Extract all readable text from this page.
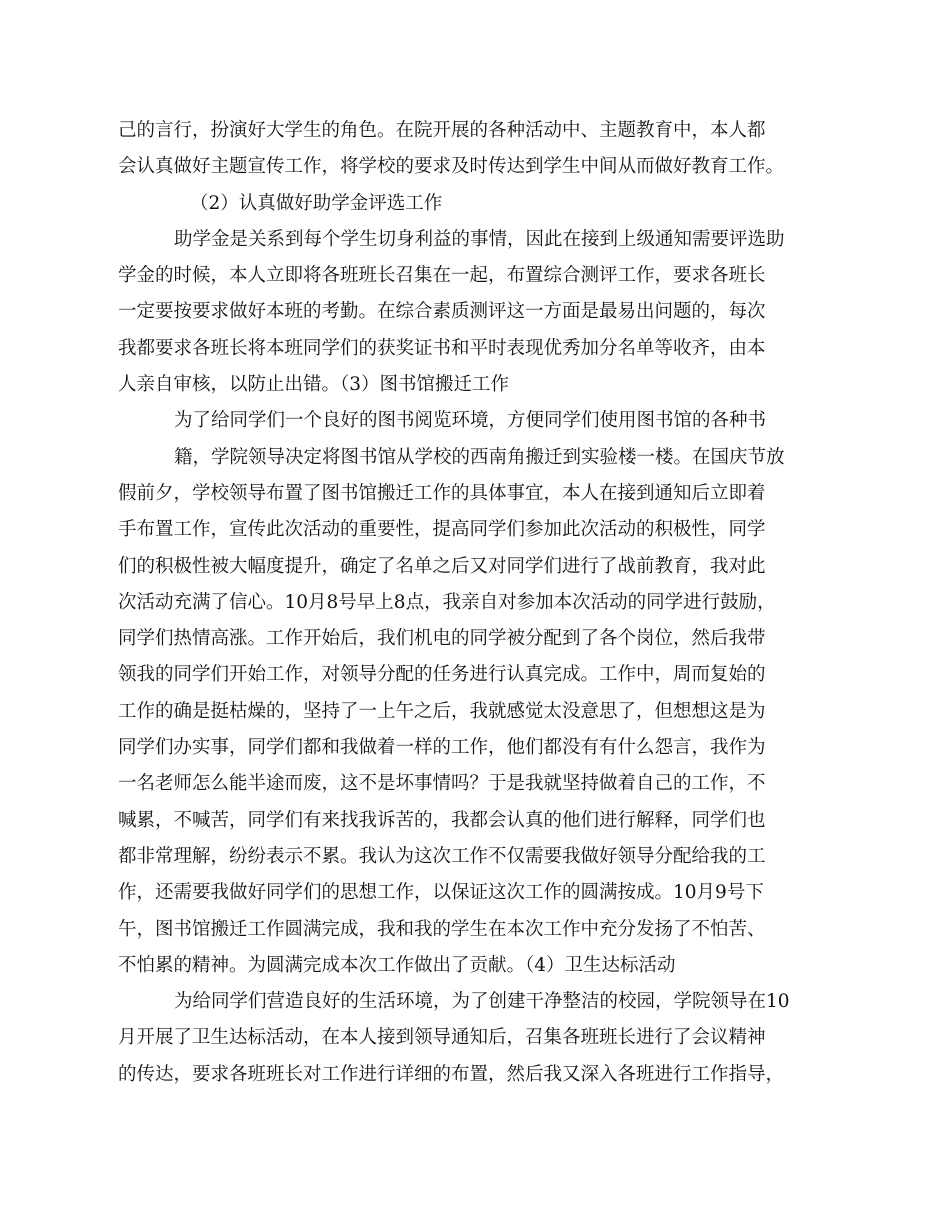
己的言行，扮演好大学生的角色。在院开展的各种活动中、主题教育中，本人都
会认真做好主题宣传工作，将学校的要求及时传达到学生中间从而做好教育工作。
（2）认真做好助学金评选工作
助学金是关系到每个学生切身利益的事情，因此在接到上级通知需要评选助
学金的时候，本人立即将各班班长召集在一起，布置综合测评工作，要求各班长
一定要按要求做好本班的考勤。在综合素质测评这一方面是最易出问题的，每次
我都要求各班长将本班同学们的获奖证书和平时表现优秀加分名单等收齐，由本
人亲自审核，以防止出错。（3）图书馆搬迁工作
为了给同学们一个良好的图书阅览环境，方便同学们使用图书馆的各种书
籍，学院领导决定将图书馆从学校的西南角搬迁到实验楼一楼。在国庆节放
假前夕，学校领导布置了图书馆搬迁工作的具体事宜，本人在接到通知后立即着
手布置工作，宣传此次活动的重要性，提高同学们参加此次活动的积极性，同学
们的积极性被大幅度提升，确定了名单之后又对同学们进行了战前教育，我对此
次活动充满了信心。10月8号早上8点，我亲自对参加本次活动的同学进行鼓励，
同学们热情高涨。工作开始后，我们机电的同学被分配到了各个岗位，然后我带
领我的同学们开始工作，对领导分配的任务进行认真完成。工作中，周而复始的
工作的确是挺枯燥的，坚持了一上午之后，我就感觉太没意思了，但想想这是为
同学们办实事，同学们都和我做着一样的工作，他们都没有有什么怨言，我作为
一名老师怎么能半途而废，这不是坏事情吗？于是我就坚持做着自己的工作，不
喊累，不喊苦，同学们有来找我诉苦的，我都会认真的他们进行解释，同学们也
都非常理解，纷纷表示不累。我认为这次工作不仅需要我做好领导分配给我的工
作，还需要我做好同学们的思想工作，以保证这次工作的圆满按成。10月9号下
午，图书馆搬迁工作圆满完成，我和我的学生在本次工作中充分发扬了不怕苦、
不怕累的精神。为圆满完成本次工作做出了贡献。（4）卫生达标活动
为给同学们营造良好的生活环境，为了创建干净整洁的校园，学院领导在10
月开展了卫生达标活动，在本人接到领导通知后，召集各班班长进行了会议精神
的传达，要求各班班长对工作进行详细的布置，然后我又深入各班进行工作指导，
